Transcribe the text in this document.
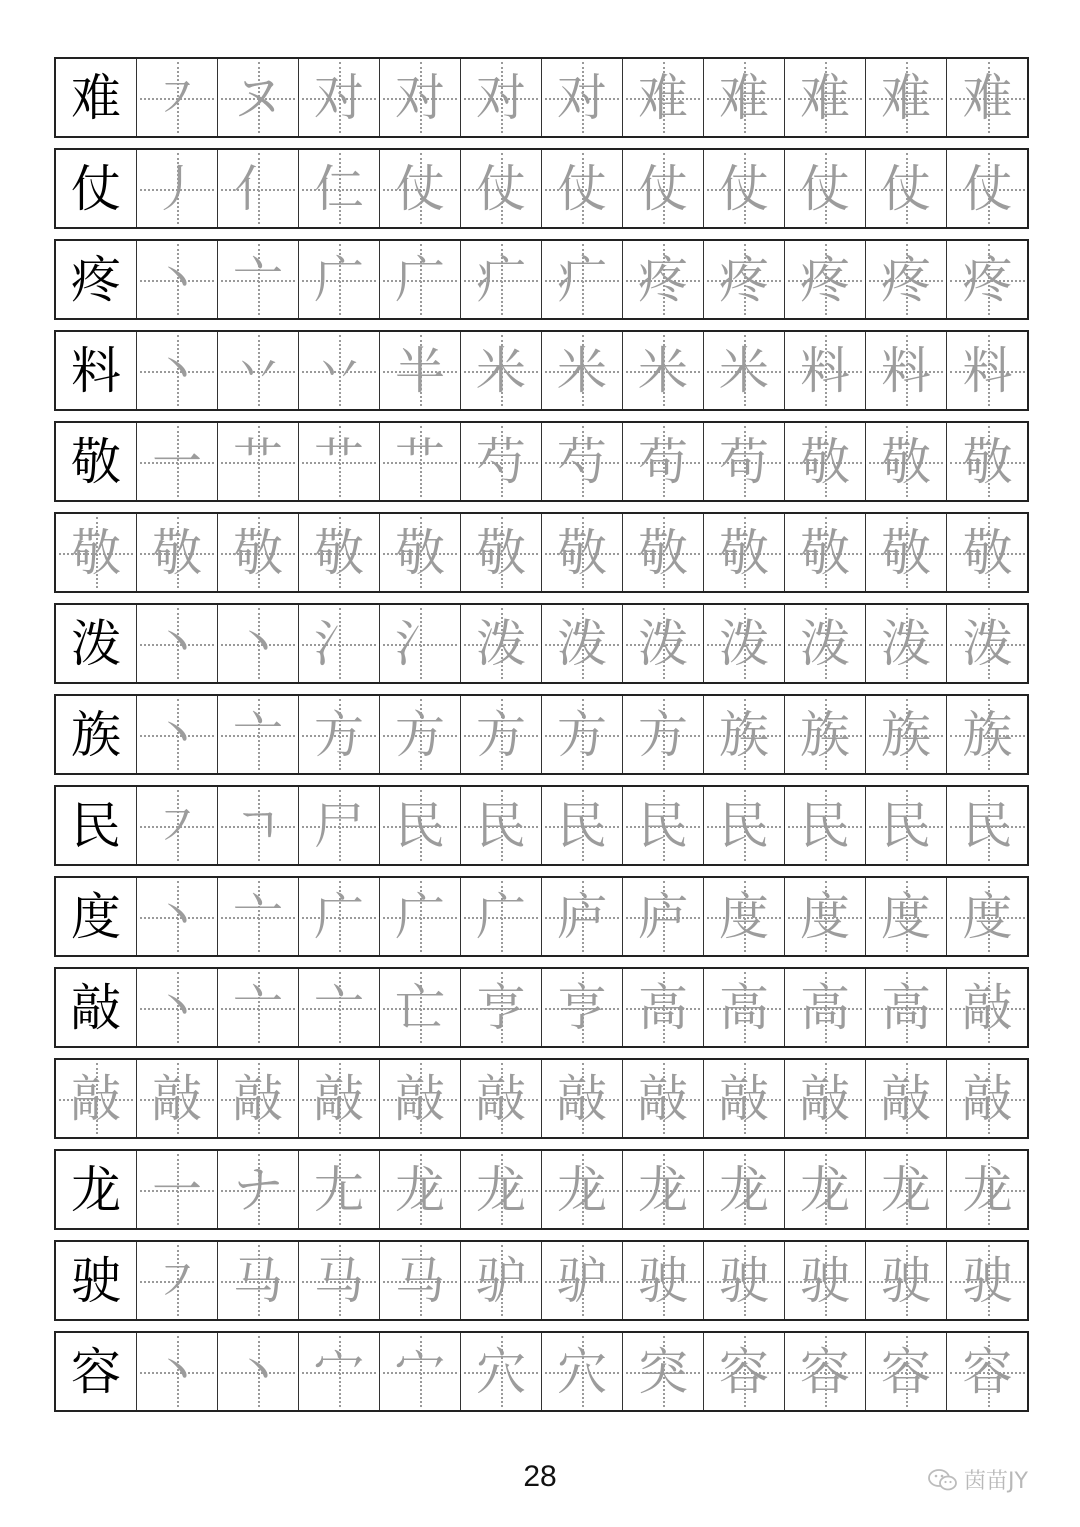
难 ㇇ ヌ 对 对 对 对 难 难 难 难 难
仗 丿 亻 仁 仗 仗 仗 仗 仗 仗 仗 仗
疼 丶 亠 广 广 疒 疒 疼 疼 疼 疼 疼
料 丶 丷 丷 半 米 米 米 米 料 料 料
敬 一 艹 艹 艹 芍 芍 苟 苟 敬 敬 敬
敬 敬 敬 敬 敬 敬 敬 敬 敬 敬 敬 敬
泼 丶 丶 氵 氵 泼 泼 泼 泼 泼 泼 泼
族 丶 亠 方 方 方 方 方 族 族 族 族
民 ㇇ ㄱ 尸 民 民 民 民 民 民 民 民
度 丶 亠 广 广 广 庐 庐 度 度 度 度
敲 丶 亠 亠 亡 亨 亨 高 高 高 高 敲
敲 敲 敲 敲 敲 敲 敲 敲 敲 敲 敲 敲
龙 一 ナ 尢 龙 龙 龙 龙 龙 龙 龙 龙
驶 ㇇ 马 马 马 驴 驴 驶 驶 驶 驶 驶
容 丶 丶 宀 宀 穴 穴 突 容 容 容 容
28	茵苗JY
